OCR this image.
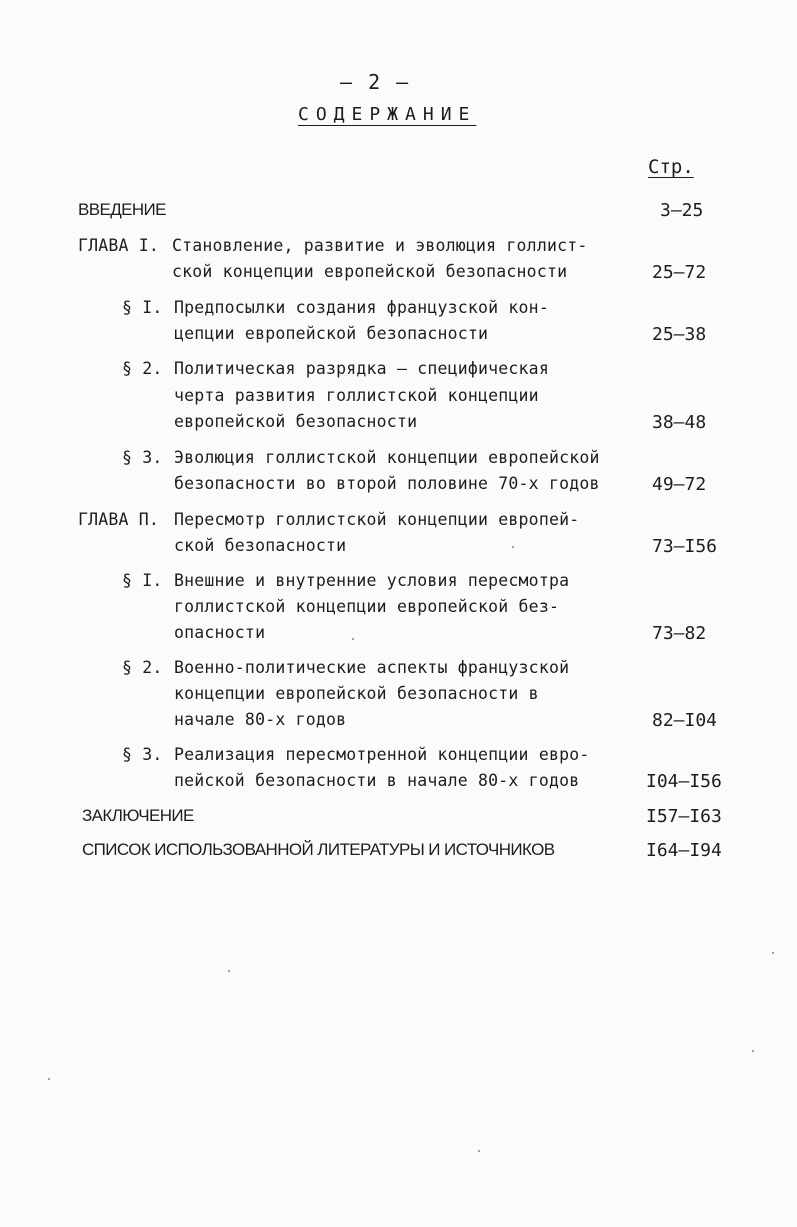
– 2 –
СОДЕРЖАНИЕ
Стр.
ВВЕДЕНИЕ	3–25
ГЛАВА I. Становление, развитие и эволюция голлист-
ской концепции европейской безопасности	25–72
§ I. Предпосылки создания французской кон-
цепции европейской безопасности	25–38
§ 2. Политическая разрядка – специфическая
черта развития голлистской концепции
европейской безопасности	38–48
§ 3. Эволюция голлистской концепции европейской
безопасности во второй половине 70-х годов	49–72
ГЛАВА П. Пересмотр голлистской концепции европей-
ской безопасности	73–I56
§ I. Внешние и внутренние условия пересмотра
голлистской концепции европейской без-
опасности	73–82
§ 2. Военно-политические аспекты французской
концепции европейской безопасности в
начале 80-х годов	82–I04
§ 3. Реализация пересмотренной концепции евро-
пейской безопасности в начале 80-х годов	I04–I56
ЗАКЛЮЧЕНИЕ	I57–I63
СПИСОК ИСПОЛЬЗОВАННОЙ ЛИТЕРАТУРЫ И ИСТОЧНИКОВ	I64–I94
